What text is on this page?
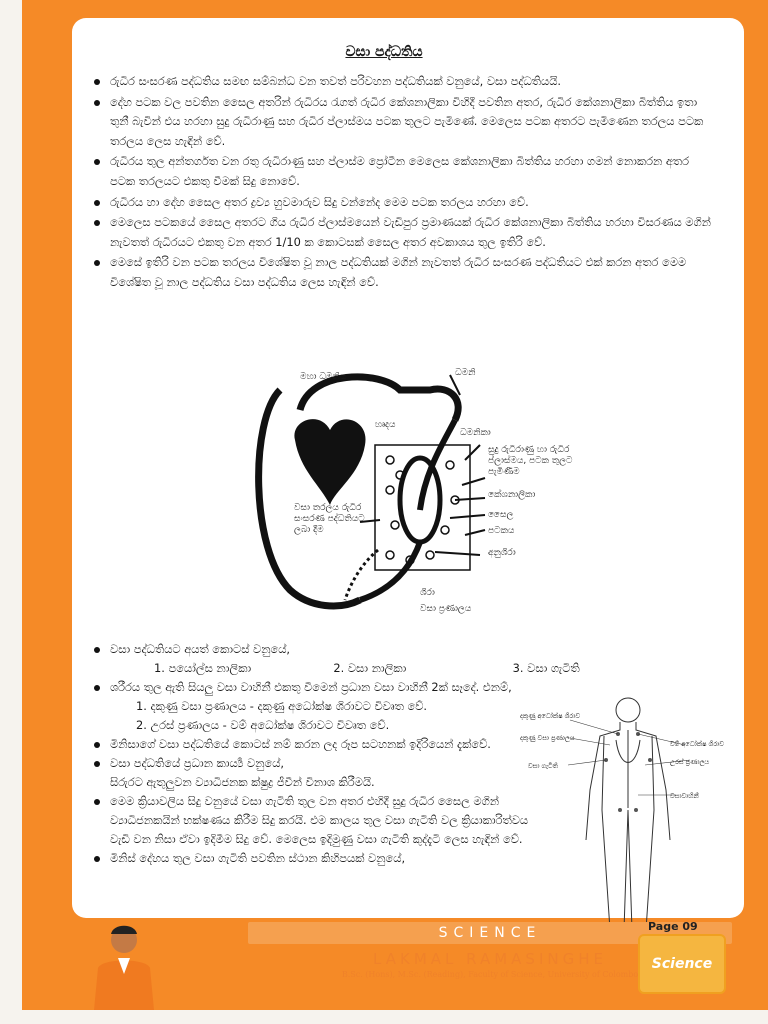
වසා පද්ධතිය
රුධිර සංසරණ පද්ධතිය සමඟ සම්බන්ධ වන තවත් පරිවහන පද්ධතියක් වනුයේ, වසා පද්ධතියයි.
දේහ පටක වල පවතින සෛල අතරින් රුධිරය රැගත් රුධිර කේශනාලිකා විහිදී පවතින අතර, රුධිර කේශනාලිකා බිත්තිය ඉතා තුනී බැවින් එය හරහා සුදු රුධිරාණු සහ රුධිර ප්ලාස්මය පටක තුලට පැමිණේ. මෙලෙස පටක අතරට පැමිණෙන තරලය පටක තරලය ලෙස හැඳින් වේ.
රුධිරය තුල අන්තර්ගත වන රතු රුධිරාණු සහ ප්ලාස්ම ප්‍රෝටීන මෙලෙස කේශනාලිකා බිත්තිය හරහා ගමන් නොකරන අතර පටක තරලයට එකතු වීමක් සිදු නොවේ.
රුධිරය හා දේහ සෛල අතර ද්‍රව්‍ය හුවමාරුව සිදු වන්නේද මෙම පටක තරලය හරහා වේ.
මෙලෙස පටකයේ සෛල අතරට ගිය රුධිර ප්ලාස්මයෙන් වැඩිපුර ප්‍රමාණයක් රුධිර කේශනාලිකා බිත්තිය හරහා විසරණය මගින් නැවතත් රුධිරයට එකතු වන අතර 1/10 ක කොටසක් සෛල අතර අවකාශය තුල ඉතිරි වේ.
මෙසේ ඉතිරි වන පටක තරලය විශේෂිත වූ නාල පද්ධතියක් මගින් නැවතත් රුධිර සංසරණ පද්ධතියට එක් කරන අතර මෙම විශේෂිත වූ නාල පද්ධතිය වසා පද්ධතිය ලෙස හැඳින් වේ.
මහා ධමනිය	ධමනි
හෘදය
ධමනිකා
සුදු රුධිරාණු හා රුධිර ප්ලාස්මය, පටක තුලට පැමිණීම
කේශනාලිකා
සෛල
පටකය
වසා තරලය රුධිර සංසරණ පද්ධතියට ලබා දීම
අනුශිරා
ශිරා
වසා ප්‍රණාලය
වසා පද්ධතියට අයත් කොටස් වනුයේ,
1. පයෝල්ස නාලිකා	2. වසා නාලිකා	3. වසා ගැටිති
ශරීරය තුල ඇති සියලු වසා වාහිනී එකතු වීමෙන් ප්‍රධාන වසා වාහිනී 2ක් සෑදේ. එනම්,
1. දකුණු වසා ප්‍රණාලය - දකුණු අධෝක්ෂ ශිරාවට විවෘත වේ.
2. උරස් ප්‍රණාලය - වම් අධෝක්ෂ ශිරාවට විවෘත වේ.
මිනිසාගේ වසා පද්ධතියේ කොටස් නම් කරන ලද රූප සටහනක් ඉදිරියෙන් දැක්වේ.
වසා පද්ධතියේ ප්‍රධාන කාර්‍ය්‍ය වනුයේ,
සිරුරට ඇතුලුවන ව්‍යාධිජනක ක්ෂුද්‍ර ජීවීන් විනාශ කිරීමයි.
මෙම ක්‍රියාවලිය සිදු වනුයේ වසා ගැටිති තුල වන අතර එහිදී සුදු රුධිර සෛල මගින් ව්‍යාධිජනකයින් භක්ෂණය කිරීම සිදු කරයි. එම කාලය තුල වසා ගැටිති වල ක්‍රියාකාරිත්වය වැඩි වන නිසා ඒවා ඉදිමීම සිදු වේ. මෙලෙස ඉදිමුණු වසා ගැටිති කුද්දැටි ලෙස හැඳින් වේ.
මිනිස් දේහය තුල වසා ගැටිති පවතින ස්ථාන කිහිපයක් වනුයේ,
දකුණු අධෝක්ෂ ශිරාව
දකුණු වසා ප්‍රණාලය
වසා ගැටිති
වම් අධෝක්ෂ ශිරාව
උරස් ප්‍රණාලය
වසාවාහිනී
SCIENCE
LAKMAL RAMASINGHE
B.Sc. (Hons), M.Sc. (Reading), Faculty of Science, University of Colombo
Page 09
Science
